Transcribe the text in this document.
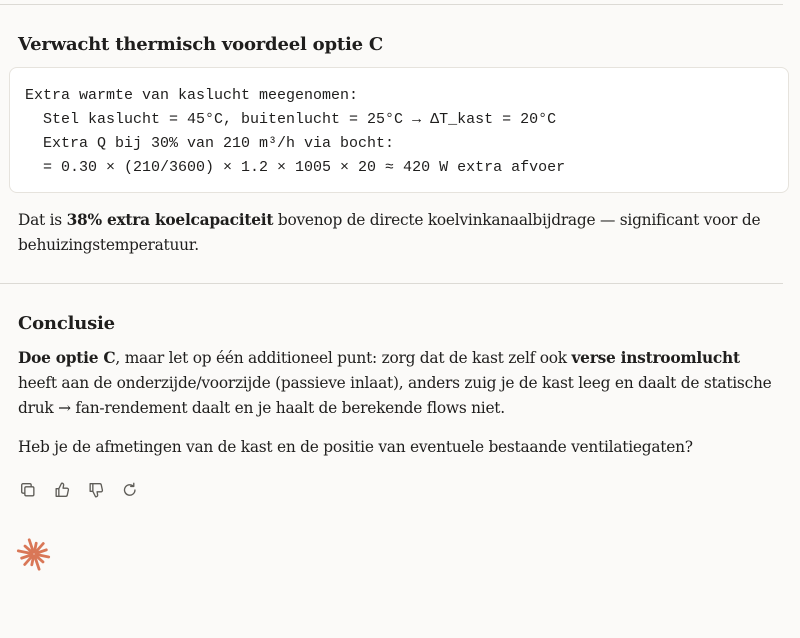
Verwacht thermisch voordeel optie C
Extra warmte van kaslucht meegenomen:
Stel kaslucht = 45°C, buitenlucht = 25°C → ΔT_kast = 20°C
Extra Q bij 30% van 210 m³/h via bocht:
= 0.30 × (210/3600) × 1.2 × 1005 × 20 ≈ 420 W extra afvoer

Dat is 38% extra koelcapaciteit bovenop de directe koelvinkanaalbijdrage — significant voor de behuizingstemperatuur.

Conclusie

Doe optie C, maar let op één additioneel punt: zorg dat de kast zelf ook verse instroomlucht heeft aan de onderzijde/voorzijde (passieve inlaat), anders zuig je de kast leeg en daalt de statische druk → fan-rendement daalt en je haalt de berekende flows niet.

Heb je de afmetingen van de kast en de positie van eventuele bestaande ventilatiegaten?
